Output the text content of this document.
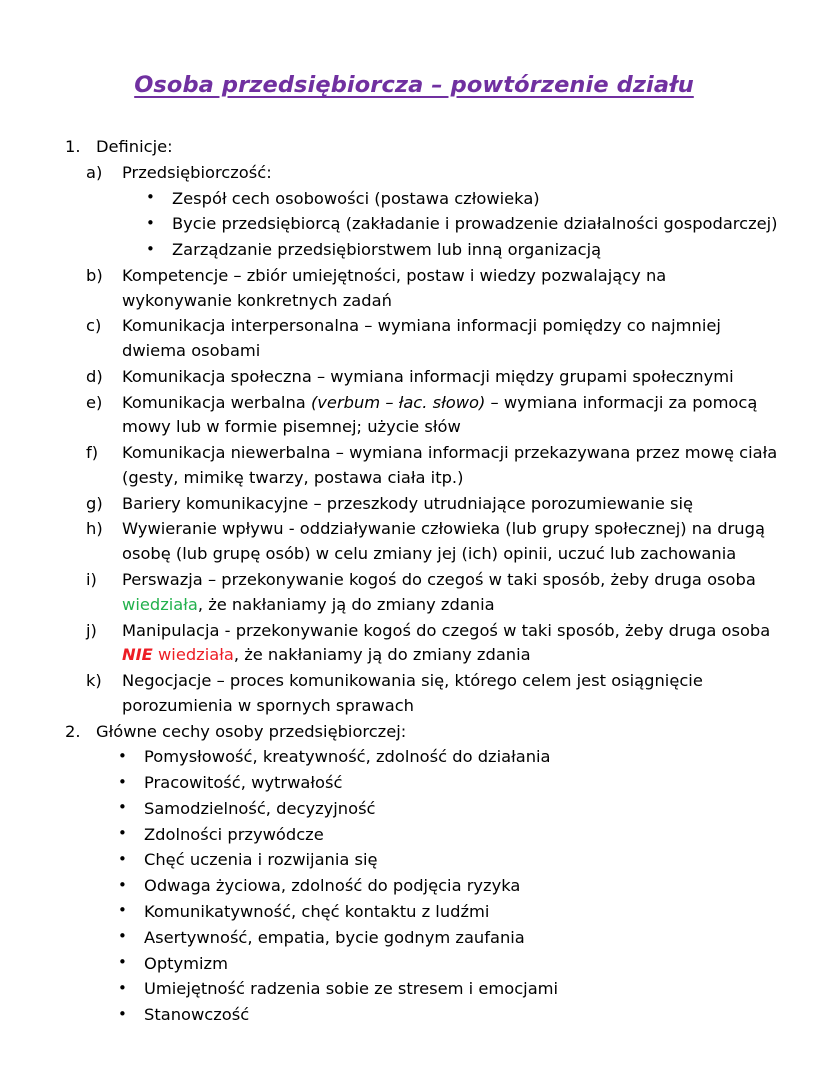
Osoba przedsiębiorcza – powtórzenie działu
1. Definicje:
a)	Przedsiębiorczość:
• Zespół cech osobowości (postawa człowieka)
• Bycie przedsiębiorcą (zakładanie i prowadzenie działalności gospodarczej)
• Zarządzanie przedsiębiorstwem lub inną organizacją
b)	Kompetencje – zbiór umiejętności, postaw i wiedzy pozwalający na wykonywanie konkretnych zadań
c)	Komunikacja interpersonalna – wymiana informacji pomiędzy co najmniej dwiema osobami
d)	Komunikacja społeczna – wymiana informacji między grupami społecznymi
e)	Komunikacja werbalna (verbum – łac. słowo) – wymiana informacji za pomocą mowy lub w formie pisemnej; użycie słów
f)	Komunikacja niewerbalna – wymiana informacji przekazywana przez mowę ciała (gesty, mimikę twarzy, postawa ciała itp.)
g)	Bariery komunikacyjne – przeszkody utrudniające porozumiewanie się
h)	Wywieranie wpływu - oddziaływanie człowieka (lub grupy społecznej) na drugą osobę (lub grupę osób) w celu zmiany jej (ich) opinii, uczuć lub zachowania
i)	Perswazja – przekonywanie kogoś do czegoś w taki sposób, żeby druga osoba wiedziała, że nakłaniamy ją do zmiany zdania
j)	Manipulacja - przekonywanie kogoś do czegoś w taki sposób, żeby druga osoba NIE wiedziała, że nakłaniamy ją do zmiany zdania
k)	Negocjacje – proces komunikowania się, którego celem jest osiągnięcie porozumienia w spornych sprawach
2. Główne cechy osoby przedsiębiorczej:
• Pomysłowość, kreatywność, zdolność do działania
• Pracowitość, wytrwałość
• Samodzielność, decyzyjność
• Zdolności przywódcze
• Chęć uczenia i rozwijania się
• Odwaga życiowa, zdolność do podjęcia ryzyka
• Komunikatywność, chęć kontaktu z ludźmi
• Asertywność, empatia, bycie godnym zaufania
• Optymizm
• Umiejętność radzenia sobie ze stresem i emocjami
• Stanowczość
